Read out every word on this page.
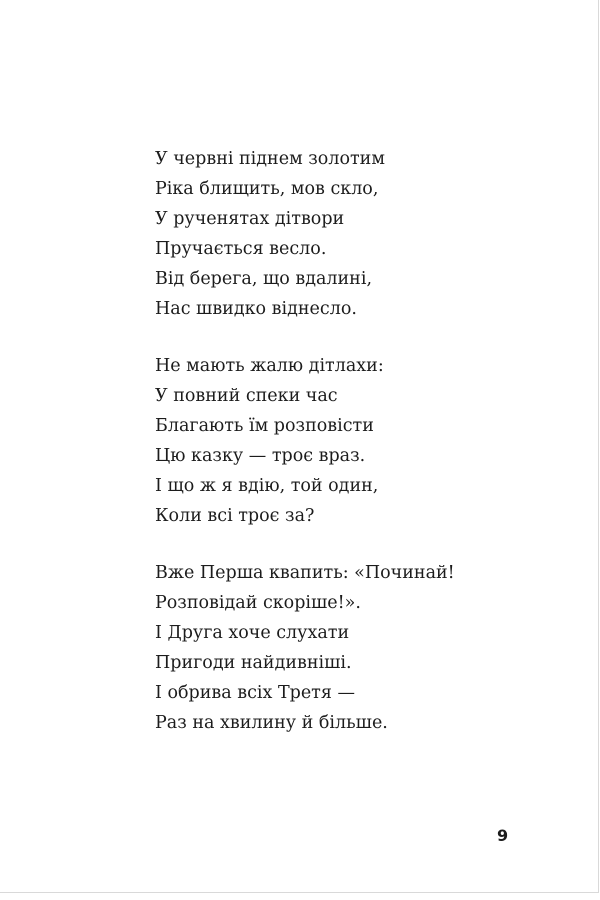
У червні піднем золотим
Ріка блищить, мов скло,
У рученятах дітвори
Пручається весло.
Від берега, що вдалині,
Нас швидко віднесло.
Не мають жалю дітлахи:
У повний спеки час
Благають їм розповісти
Цю казку — троє враз.
І що ж я вдію, той один,
Коли всі троє за?
Вже Перша квапить: «Починай!
Розповідай скоріше!».
І Друга хоче слухати
Пригоди найдивніші.
І обрива всіх Третя —
Раз на хвилину й більше.
9
